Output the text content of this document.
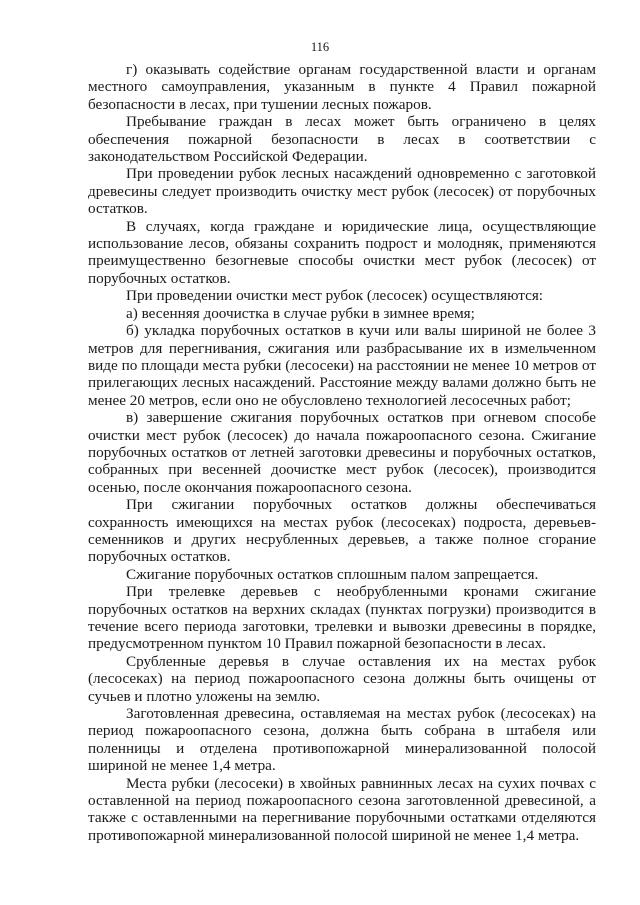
116

г) оказывать содействие органам государственной власти и органам местного самоуправления, указанным в пункте 4 Правил пожарной безопасности в лесах, при тушении лесных пожаров.

Пребывание граждан в лесах может быть ограничено в целях обеспечения пожарной безопасности в лесах в соответствии с законодательством Российской Федерации.

При проведении рубок лесных насаждений одновременно с заготовкой древесины следует производить очистку мест рубок (лесосек) от порубочных остатков.

В случаях, когда граждане и юридические лица, осуществляющие использование лесов, обязаны сохранить подрост и молодняк, применяются преимущественно безогневые способы очистки мест рубок (лесосек) от порубочных остатков.

При проведении очистки мест рубок (лесосек) осуществляются:

а) весенняя доочистка в случае рубки в зимнее время;

б) укладка порубочных остатков в кучи или валы шириной не более 3 метров для перегнивания, сжигания или разбрасывание их в измельченном виде по площади места рубки (лесосеки) на расстоянии не менее 10 метров от прилегающих лесных насаждений. Расстояние между валами должно быть не менее 20 метров, если оно не обусловлено технологией лесосечных работ;

в) завершение сжигания порубочных остатков при огневом способе очистки мест рубок (лесосек) до начала пожароопасного сезона. Сжигание порубочных остатков от летней заготовки древесины и порубочных остатков, собранных при весенней доочистке мест рубок (лесосек), производится осенью, после окончания пожароопасного сезона.

При сжигании порубочных остатков должны обеспечиваться сохранность имеющихся на местах рубок (лесосеках) подроста, деревьев-семенников и других несрубленных деревьев, а также полное сгорание порубочных остатков.

Сжигание порубочных остатков сплошным палом запрещается.

При трелевке деревьев с необрубленными кронами сжигание порубочных остатков на верхних складах (пунктах погрузки) производится в течение всего периода заготовки, трелевки и вывозки древесины в порядке, предусмотренном пунктом 10 Правил пожарной безопасности в лесах.

Срубленные деревья в случае оставления их на местах рубок (лесосеках) на период пожароопасного сезона должны быть очищены от сучьев и плотно уложены на землю.

Заготовленная древесина, оставляемая на местах рубок (лесосеках) на период пожароопасного сезона, должна быть собрана в штабеля или поленницы и отделена противопожарной минерализованной полосой шириной не менее 1,4 метра.

Места рубки (лесосеки) в хвойных равнинных лесах на сухих почвах с оставленной на период пожароопасного сезона заготовленной древесиной, а также с оставленными на перегнивание порубочными остатками отделяются противопожарной минерализованной полосой шириной не менее 1,4 метра.
